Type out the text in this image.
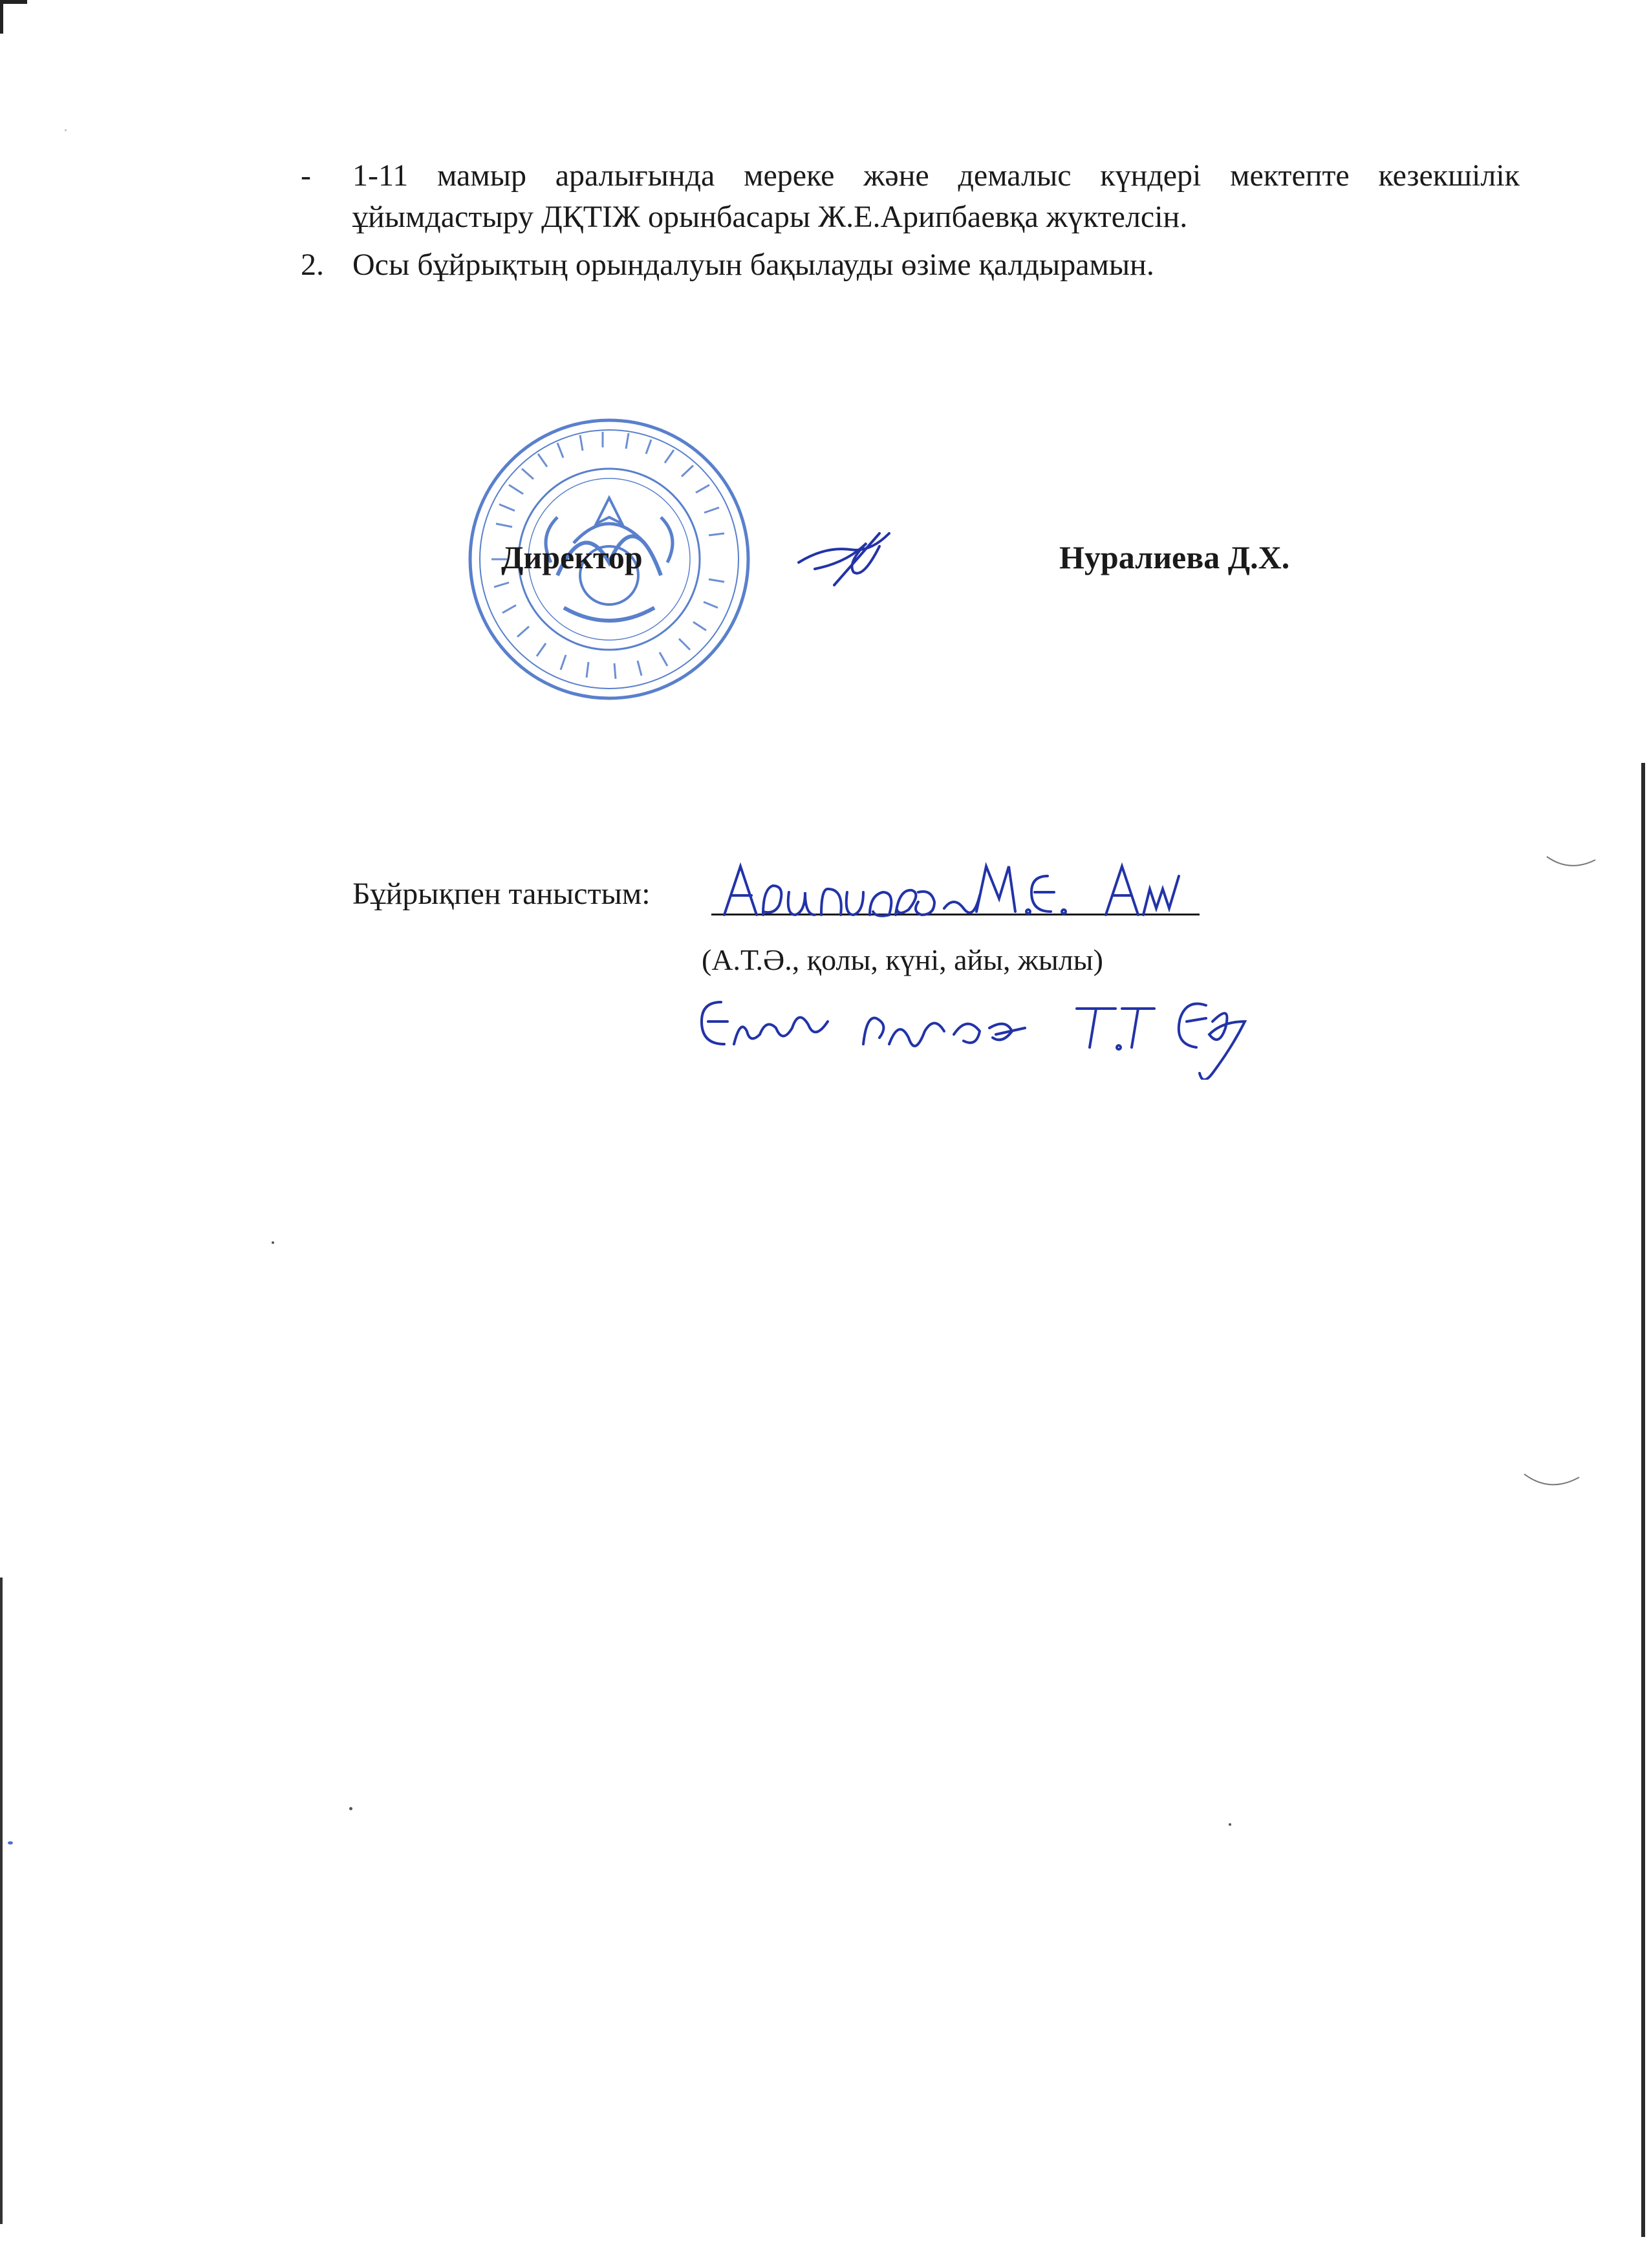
- 1-11 мамыр аралығында мереке және демалыс күндері мектепте кезекшілік ұйымдастыру ДҚТІЖ орынбасары Ж.Е.Арипбаевқа жүктелсін.
2. Осы бұйрықтың орындалуын бақылауды өзіме қалдырамын.
Директор	Нуралиева Д.Х.
Бұйрықпен таныстым:
(А.Т.Ә., қолы, күні, айы, жылы)
